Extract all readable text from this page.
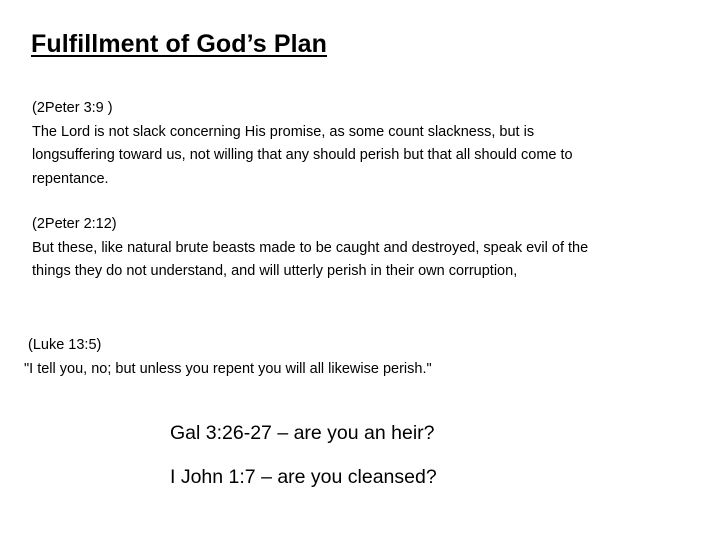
Fulfillment of God’s Plan
(2Peter 3:9 )
The Lord is not slack concerning His promise, as some count slackness, but is longsuffering toward us, not willing that any should perish but that all should come to repentance.
(2Peter 2:12)
But these, like natural brute beasts made to be caught and destroyed, speak evil of the things they do not understand, and will utterly perish in their own corruption,
(Luke 13:5)
"I tell you, no; but unless you repent you will all likewise perish."
Gal 3:26-27 – are you an heir?
I John 1:7 – are you cleansed?
